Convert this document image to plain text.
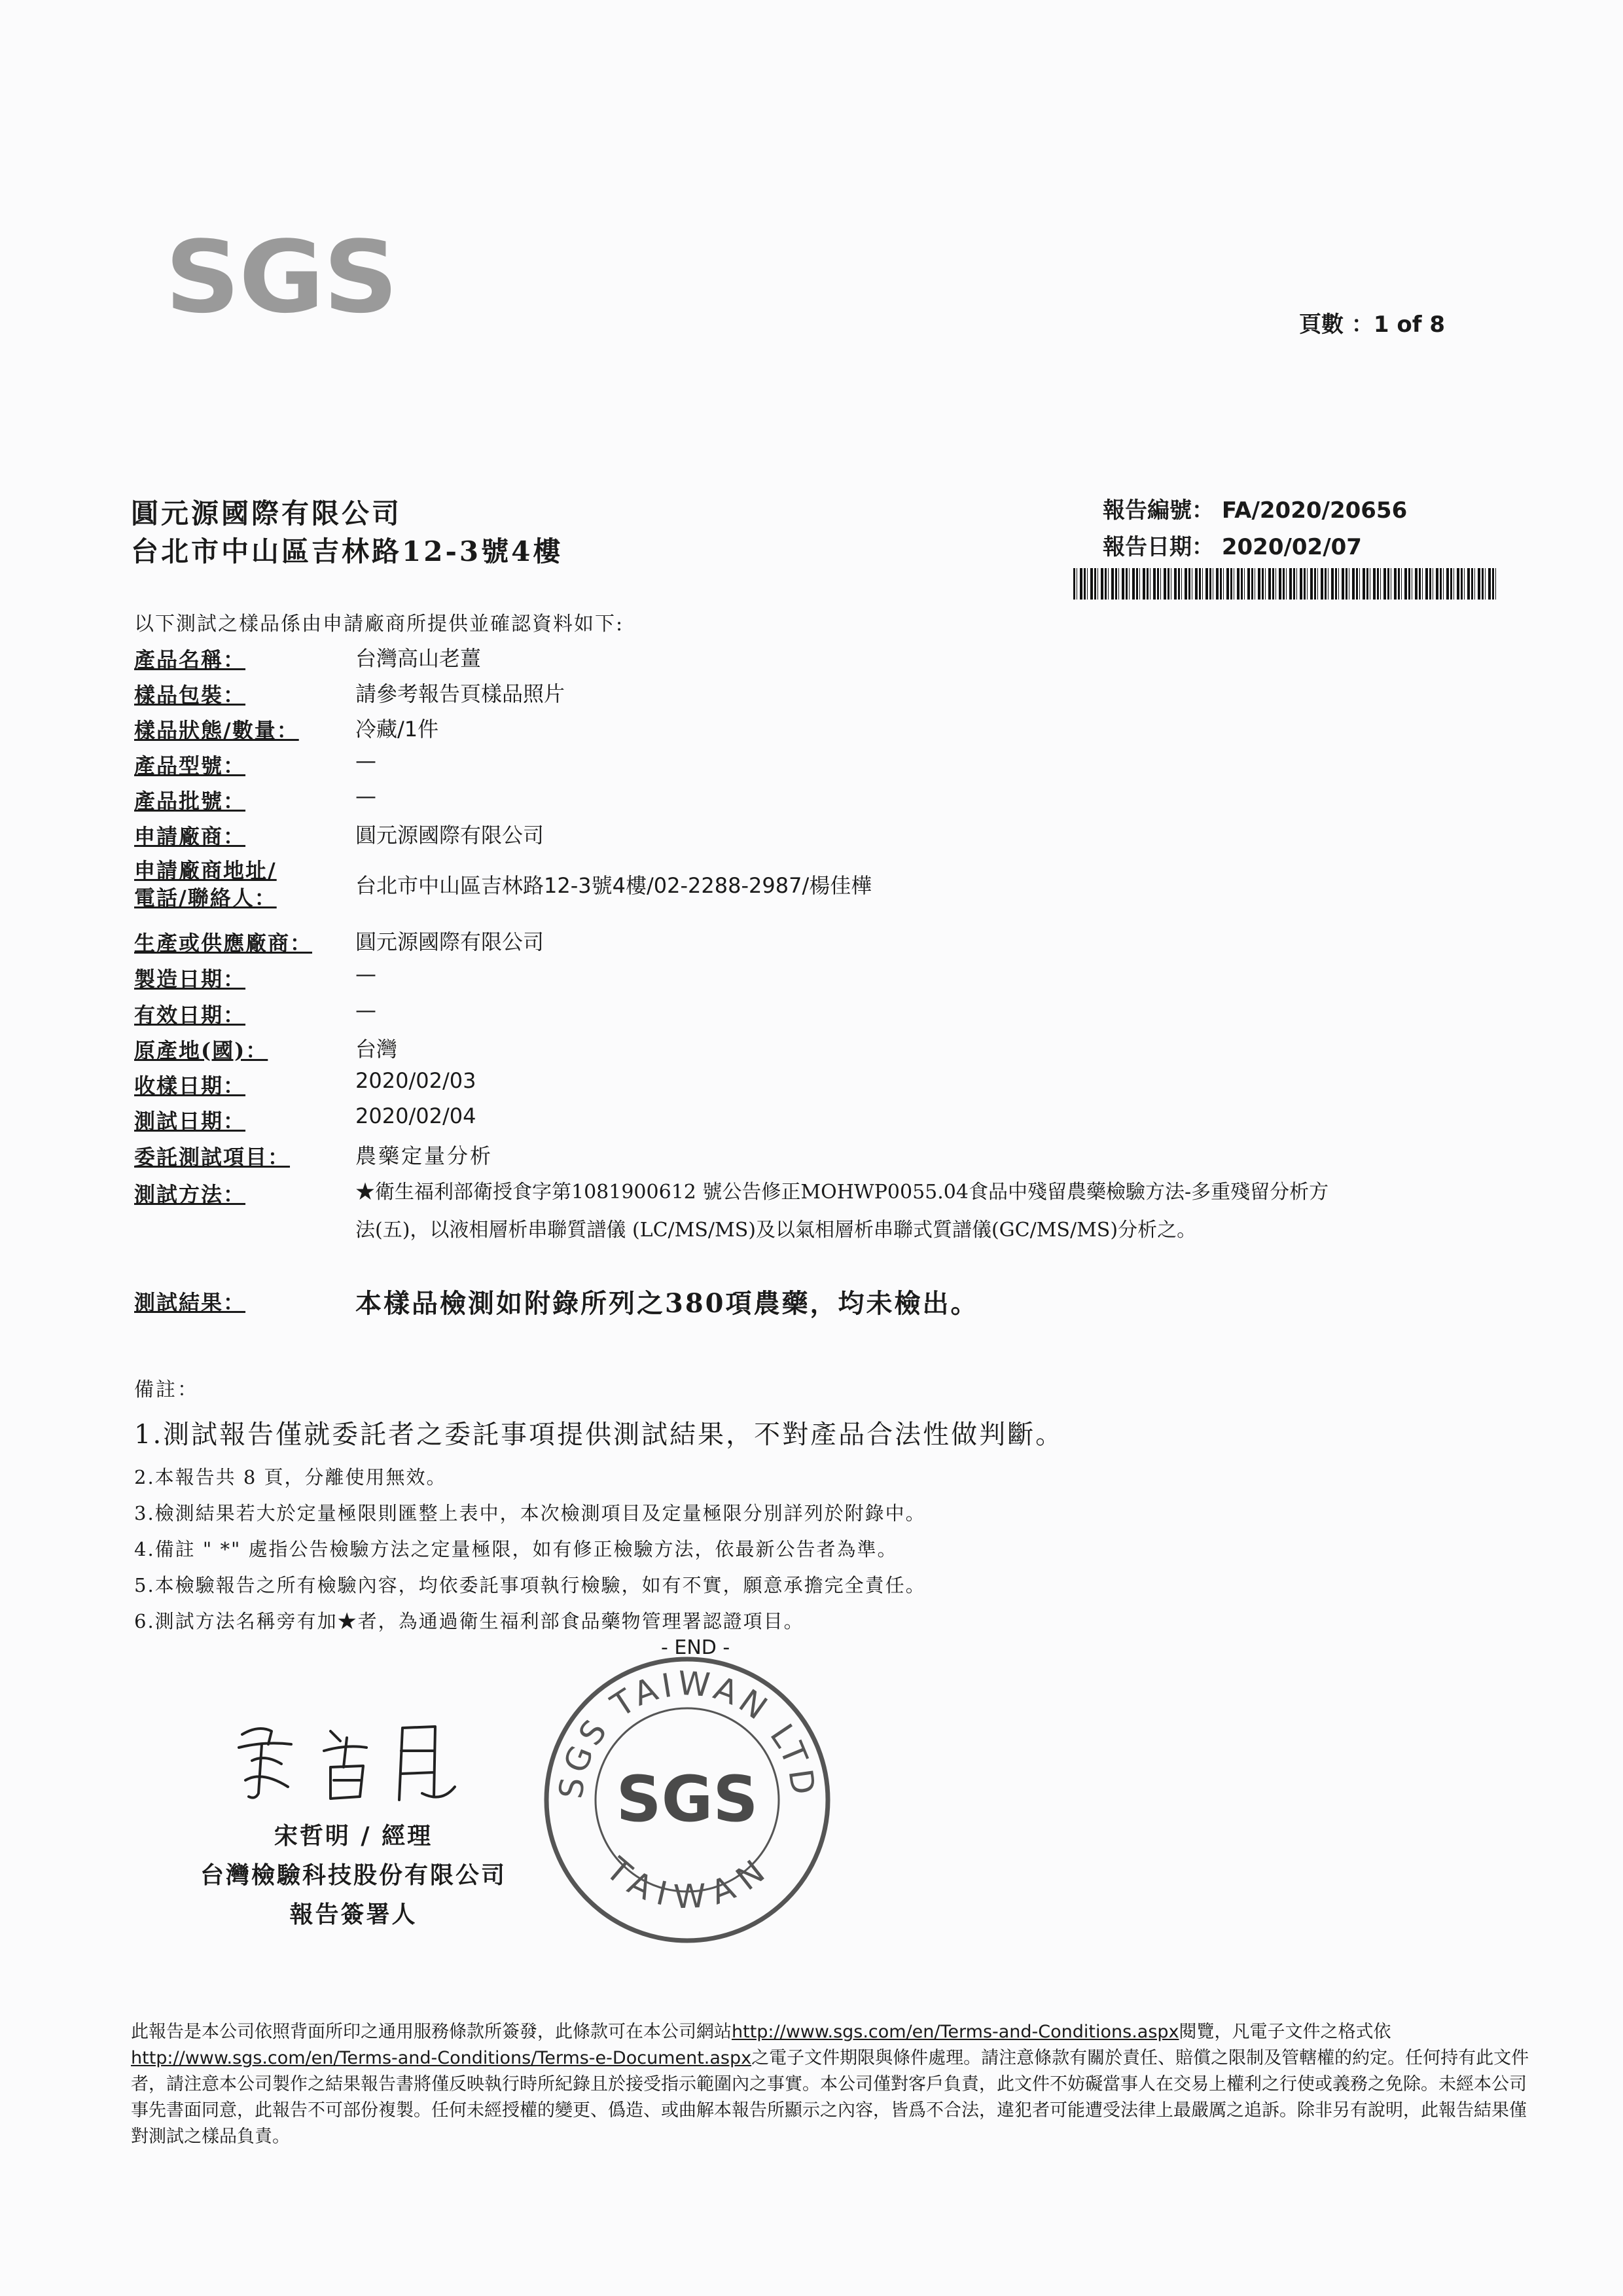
SGS	頁數 ：1 of 8
圓元源國際有限公司
台北市中山區吉林路12-3號4樓
報告編號： FA/2020/20656
報告日期： 2020/02/07
以下測試之樣品係由申請廠商所提供並確認資料如下:
產品名稱：	台灣高山老薑
樣品包裝：	請參考報告頁樣品照片
樣品狀態/數量：	冷藏/1件
產品型號：	—
產品批號：	—
申請廠商：	圓元源國際有限公司
申請廠商地址/
電話/聯絡人：	台北市中山區吉林路12-3號4樓/02-2288-2987/楊佳樺
生產或供應廠商： 圓元源國際有限公司
製造日期：	—
有效日期：	—
原產地(國)：	台灣
收樣日期：	2020/02/03
測試日期：	2020/02/04
委託測試項目：	農藥定量分析
測試方法：	★衛生福利部衛授食字第1081900612 號公告修正MOHWP0055.04食品中殘留農藥檢驗方法-多重殘留分析方
法(五)，以液相層析串聯質譜儀 (LC/MS/MS)及以氣相層析串聯式質譜儀(GC/MS/MS)分析之。
測試結果：	本樣品檢測如附錄所列之380項農藥，均未檢出。
備註：
1.測試報告僅就委託者之委託事項提供測試結果，不對產品合法性做判斷。
2.本報告共 8 頁，分離使用無效。
3.檢測結果若大於定量極限則匯整上表中，本次檢測項目及定量極限分別詳列於附錄中。
4.備註 " *" 處指公告檢驗方法之定量極限，如有修正檢驗方法，依最新公告者為準。
5.本檢驗報告之所有檢驗內容，均依委託事項執行檢驗，如有不實，願意承擔完全責任。
6.測試方法名稱旁有加★者，為通過衛生福利部食品藥物管理署認證項目。
- END -
宋哲明 / 經理
台灣檢驗科技股份有限公司
報告簽署人
SGS TAIWAN LTD
TAIWAN
SGS
此報告是本公司依照背面所印之通用服務條款所簽發，此條款可在本公司網站http://www.sgs.com/en/Terms-and-Conditions.aspx閱覽，凡電子文件之格式依http://www.sgs.com/en/Terms-and-Conditions/Terms-e-Document.aspx之電子文件期限與條件處理。請注意條款有關於責任、賠償之限制及管轄權的約定。任何持有此文件者，請注意本公司製作之結果報告書將僅反映執行時所紀錄且於接受指示範圍內之事實。本公司僅對客戶負責，此文件不妨礙當事人在交易上權利之行使或義務之免除。未經本公司事先書面同意，此報告不可部份複製。任何未經授權的變更、僞造、或曲解本報告所顯示之內容，皆爲不合法，違犯者可能遭受法律上最嚴厲之追訴。除非另有說明，此報告結果僅對測試之樣品負責。
